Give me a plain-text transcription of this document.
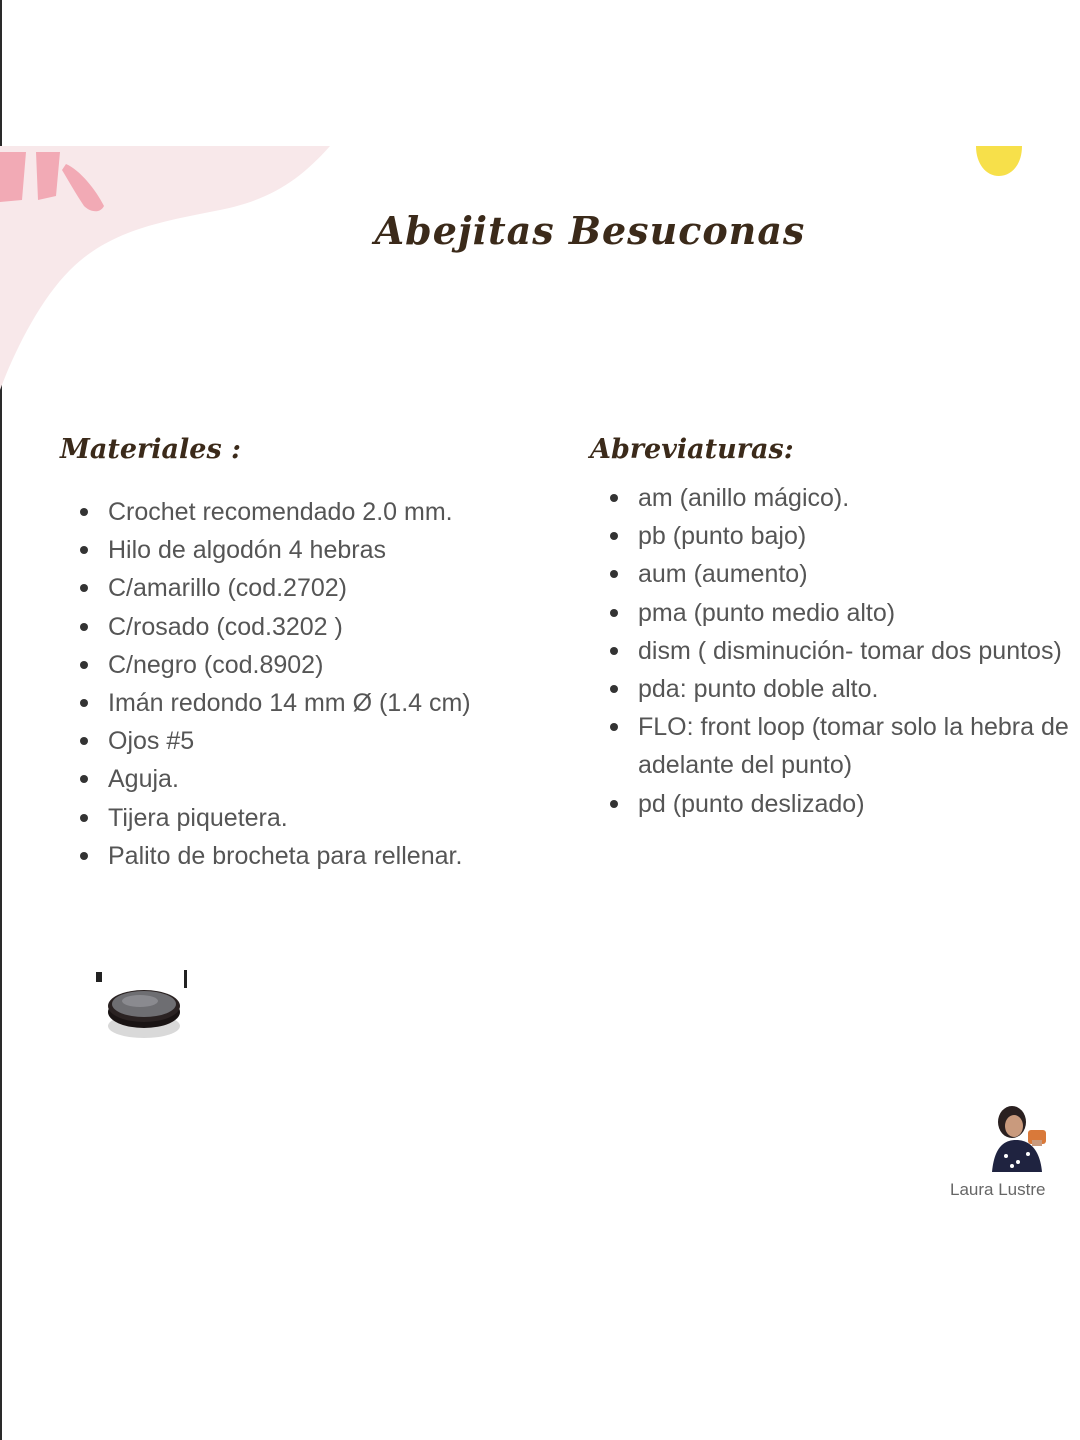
Abejitas Besuconas
Materiales :
Crochet recomendado 2.0 mm.
Hilo de algodón 4 hebras
C/amarillo (cod.2702)
C/rosado (cod.3202 )
C/negro (cod.8902)
Imán redondo 14 mm Ø (1.4 cm)
Ojos #5
Aguja.
Tijera piquetera.
Palito de brocheta para rellenar.
Abreviaturas:
am (anillo mágico).
pb (punto bajo)
aum (aumento)
pma (punto medio alto)
dism ( disminución- tomar dos puntos)
pda: punto doble alto.
FLO: front loop (tomar solo la hebra de adelante del punto)
pd (punto deslizado)
Laura Lustre
